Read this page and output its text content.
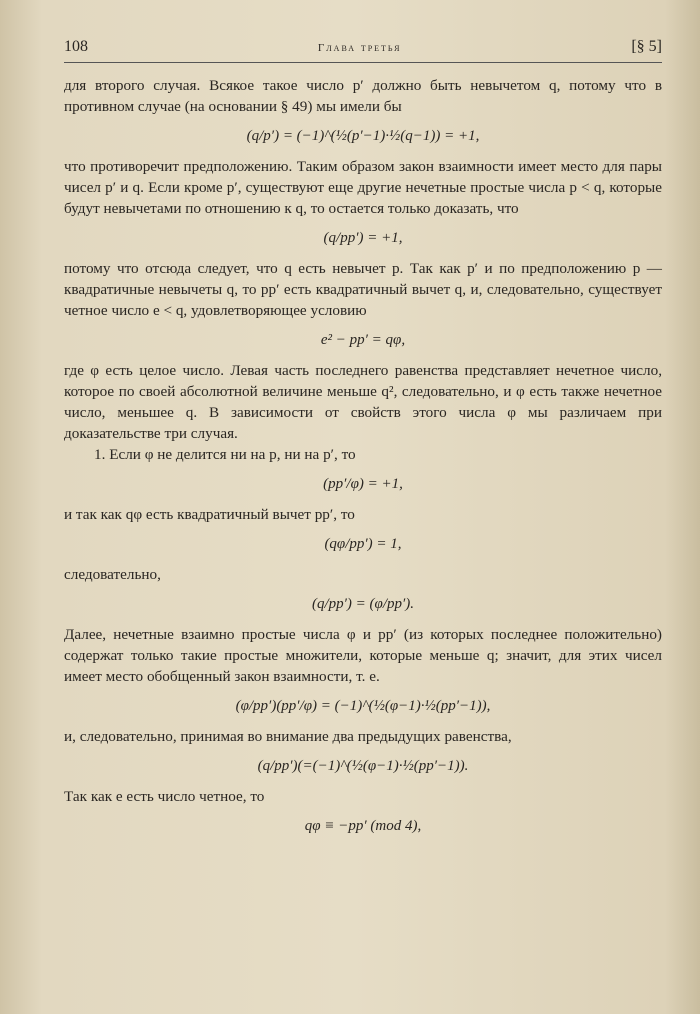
108	Глава третья	[§ 5]

для второго случая. Всякое такое число p′ должно быть невычетом q, потому что в противном случае (на основании § 49) мы имели бы

(q/p′) = (−1)^(½(p′−1)·½(q−1)) = +1,

что противоречит предположению. Таким образом закон взаимности имеет место для пары чисел p′ и q. Если кроме p′, существуют еще другие нечетные простые числа p < q, которые будут невычетами по отношению к q, то остается только доказать, что

(q/pp′) = +1,

потому что отсюда следует, что q есть невычет p. Так как p′ и по предположению p — квадратичные невычеты q, то pp′ есть квадратичный вычет q, и, следовательно, существует четное число e < q, удовлетворяющее условию

e² − pp′ = qφ,

где φ есть целое число. Левая часть последнего равенства представляет нечетное число, которое по своей абсолютной величине меньше q², следовательно, и φ есть также нечетное число, меньшее q. В зависимости от свойств этого числа φ мы различаем при доказательстве три случая.

1. Если φ не делится ни на p, ни на p′, то

(pp′/φ) = +1,

и так как qφ есть квадратичный вычет pp′, то

(qφ/pp′) = 1,

следовательно,

(q/pp′) = (φ/pp′).

Далее, нечетные взаимно простые числа φ и pp′ (из которых последнее положительно) содержат только такие простые множители, которые меньше q; значит, для этих чисел имеет место обобщенный закон взаимности, т. е.

(φ/pp′)(pp′/φ) = (−1)^(½(φ−1)·½(pp′−1)),

и, следовательно, принимая во внимание два предыдущих равенства,

(q/pp′)(=(−1)^(½(φ−1)·½(pp′−1)).

Так как e есть число четное, то

qφ ≡ −pp′ (mod 4),
